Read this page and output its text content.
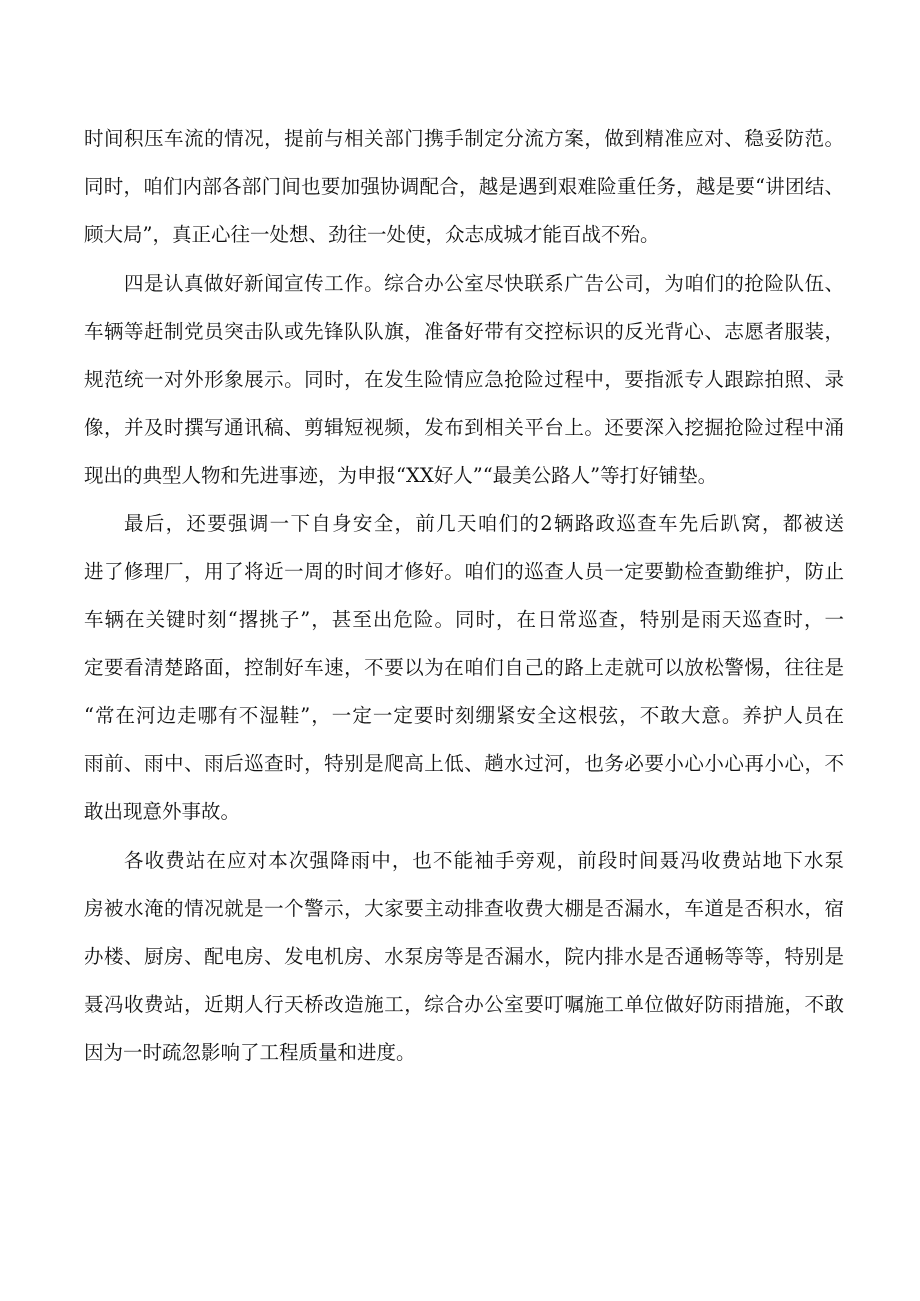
时间积压车流的情况，提前与相关部门携手制定分流方案，做到精准应对、稳妥防范。
同时，咱们内部各部门间也要加强协调配合，越是遇到艰难险重任务，越是要“讲团结、
顾大局”，真正心往一处想、劲往一处使，众志成城才能百战不殆。
四是认真做好新闻宣传工作。综合办公室尽快联系广告公司，为咱们的抢险队伍、
车辆等赶制党员突击队或先锋队队旗，准备好带有交控标识的反光背心、志愿者服装，
规范统一对外形象展示。同时，在发生险情应急抢险过程中，要指派专人跟踪拍照、录
像，并及时撰写通讯稿、剪辑短视频，发布到相关平台上。还要深入挖掘抢险过程中涌
现出的典型人物和先进事迹，为申报“XX好人”“最美公路人”等打好铺垫。
最后，还要强调一下自身安全，前几天咱们的2辆路政巡查车先后趴窝，都被送
进了修理厂，用了将近一周的时间才修好。咱们的巡查人员一定要勤检查勤维护，防止
车辆在关键时刻“撂挑子”，甚至出危险。同时，在日常巡查，特别是雨天巡查时，一
定要看清楚路面，控制好车速，不要以为在咱们自己的路上走就可以放松警惕，往往是
“常在河边走哪有不湿鞋”，一定一定要时刻绷紧安全这根弦，不敢大意。养护人员在
雨前、雨中、雨后巡查时，特别是爬高上低、趟水过河，也务必要小心小心再小心，不
敢出现意外事故。
各收费站在应对本次强降雨中，也不能袖手旁观，前段时间聂冯收费站地下水泵
房被水淹的情况就是一个警示，大家要主动排查收费大棚是否漏水，车道是否积水，宿
办楼、厨房、配电房、发电机房、水泵房等是否漏水，院内排水是否通畅等等，特别是
聂冯收费站，近期人行天桥改造施工，综合办公室要叮嘱施工单位做好防雨措施，不敢
因为一时疏忽影响了工程质量和进度。
